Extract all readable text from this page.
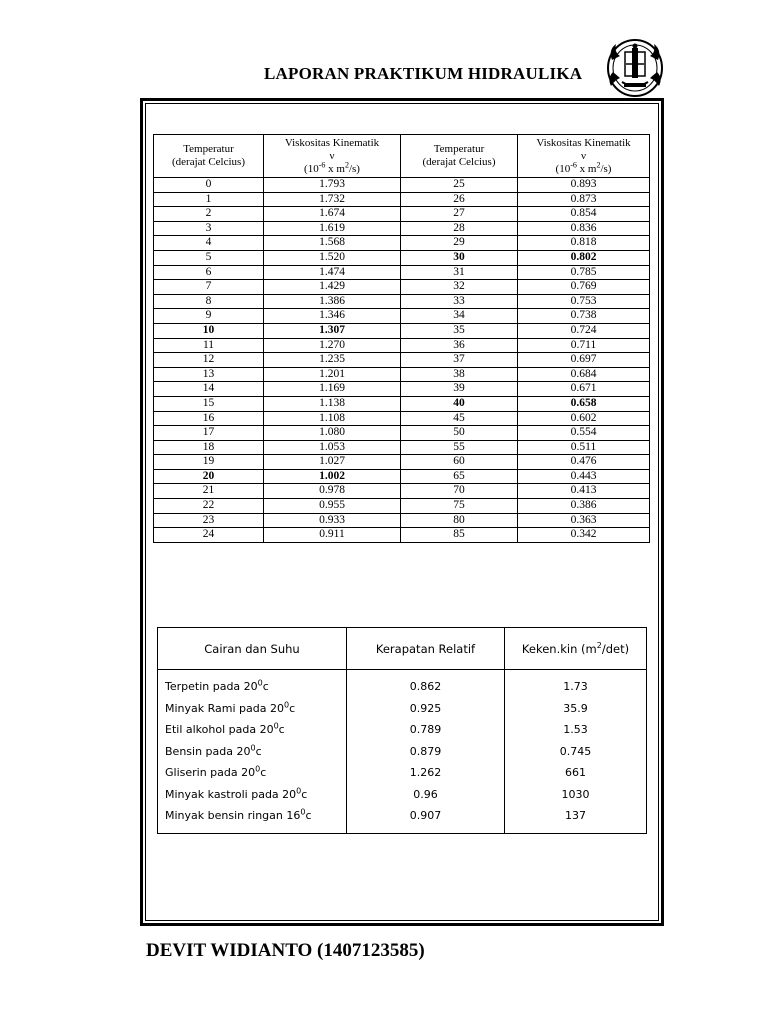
LAPORAN PRAKTIKUM HIDRAULIKA
Temperatur
(derajat Celcius)	Viskositas Kinematik
ν
($10^{-6}$ x $m^2/s$)	Temperatur
(derajat Celcius)	Viskositas Kinematik
ν
($10^{-6}$ x $m^2/s$)

0	1.793	25	0.893
1	1.732	26	0.873
2	1.674	27	0.854
3	1.619	28	0.836
4	1.568	29	0.818
5	1.520	30	0.802
6	1.474	31	0.785
7	1.429	32	0.769
8	1.386	33	0.753
9	1.346	34	0.738
10	1.307	35	0.724
11	1.270	36	0.711
12	1.235	37	0.697
13	1.201	38	0.684
14	1.169	39	0.671
15	1.138	40	0.658
16	1.108	45	0.602
17	1.080	50	0.554
18	1.053	55	0.511
19	1.027	60	0.476
20	1.002	65	0.443
21	0.978	70	0.413
22	0.955	75	0.386
23	0.933	80	0.363
24	0.911	85	0.342
Cairan dan Suhu	Kerapatan Relatif	Keken.kin $(m^2/\det)$
Terpetin pada $20^0c$	0.862	1.73
Minyak Rami pada $20^0c$	0.925	35.9
Etil alkohol pada $20^0c$	0.789	1.53
Bensin pada $20^0c$	0.879	0.745
Gliserin pada $20^0c$	1.262	661
Minyak kastroli pada $20^0c$	0.96	1030
Minyak bensin ringan $16^0c$	0.907	137
DEVIT WIDIANTO (1407123585)
